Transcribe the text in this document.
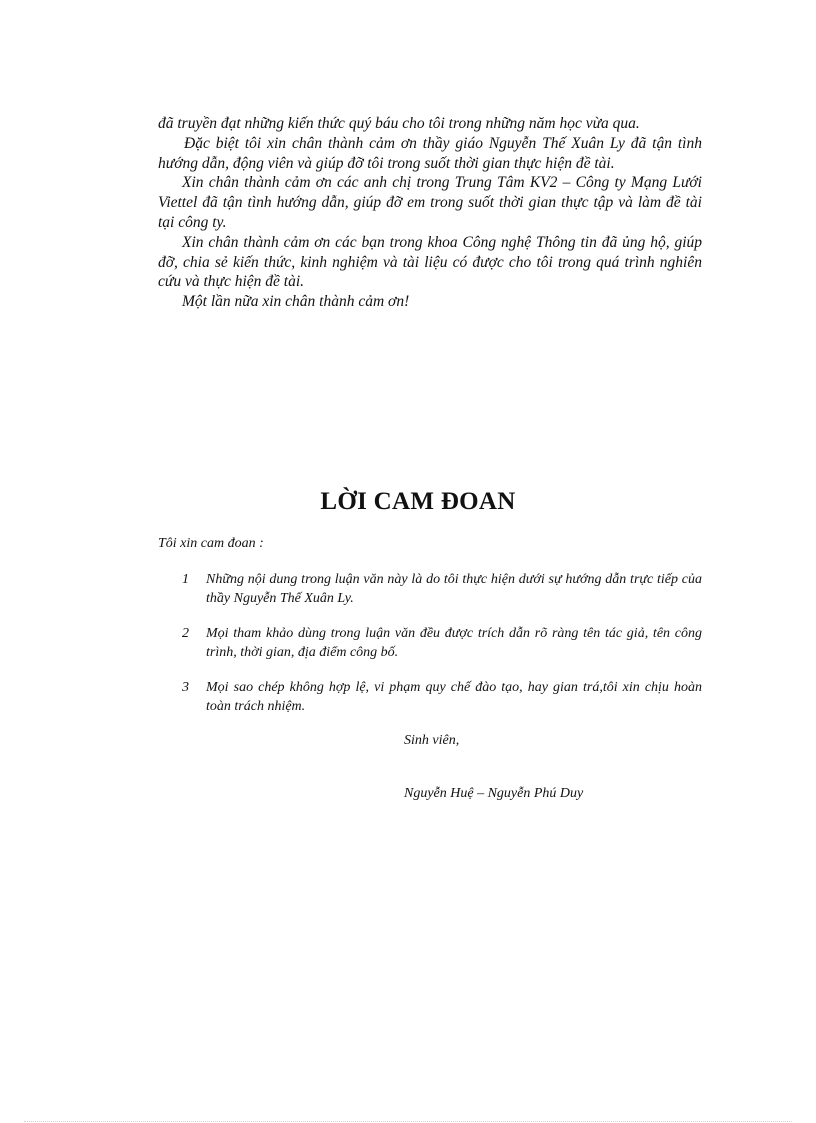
đã truyền đạt những kiến thức quý báu cho tôi trong những năm học vừa qua.

Đặc biệt tôi xin chân thành cảm ơn thầy giáo Nguyễn Thế Xuân Ly đã tận tình hướng dẫn, động viên và giúp đỡ tôi trong suốt thời gian thực hiện đề tài.

Xin chân thành cảm ơn các anh chị trong Trung Tâm KV2 – Công ty Mạng Lưới Viettel đã tận tình hướng dẫn, giúp đỡ em trong suốt thời gian thực tập và làm đề tài tại công ty.

Xin chân thành cảm ơn các bạn trong khoa Công nghệ Thông tin đã ủng hộ, giúp đỡ, chia sẻ kiến thức, kinh nghiệm và tài liệu có được cho tôi trong quá trình nghiên cứu và thực hiện đề tài.

Một lần nữa xin chân thành cảm ơn!

LỜI CAM ĐOAN
Tôi xin cam đoan :
1	Những nội dung trong luận văn này là do tôi thực hiện dưới sự hướng dẫn trực tiếp của thầy Nguyễn Thế Xuân Ly.
2	Mọi tham khảo dùng trong luận văn đều được trích dẫn rõ ràng tên tác giả, tên công trình, thời gian, địa điểm công bố.
3	Mọi sao chép không hợp lệ, vi phạm quy chế đào tạo, hay gian trá,tôi xin chịu hoàn toàn trách nhiệm.
Sinh viên,
Nguyễn Huệ – Nguyễn Phú Duy
